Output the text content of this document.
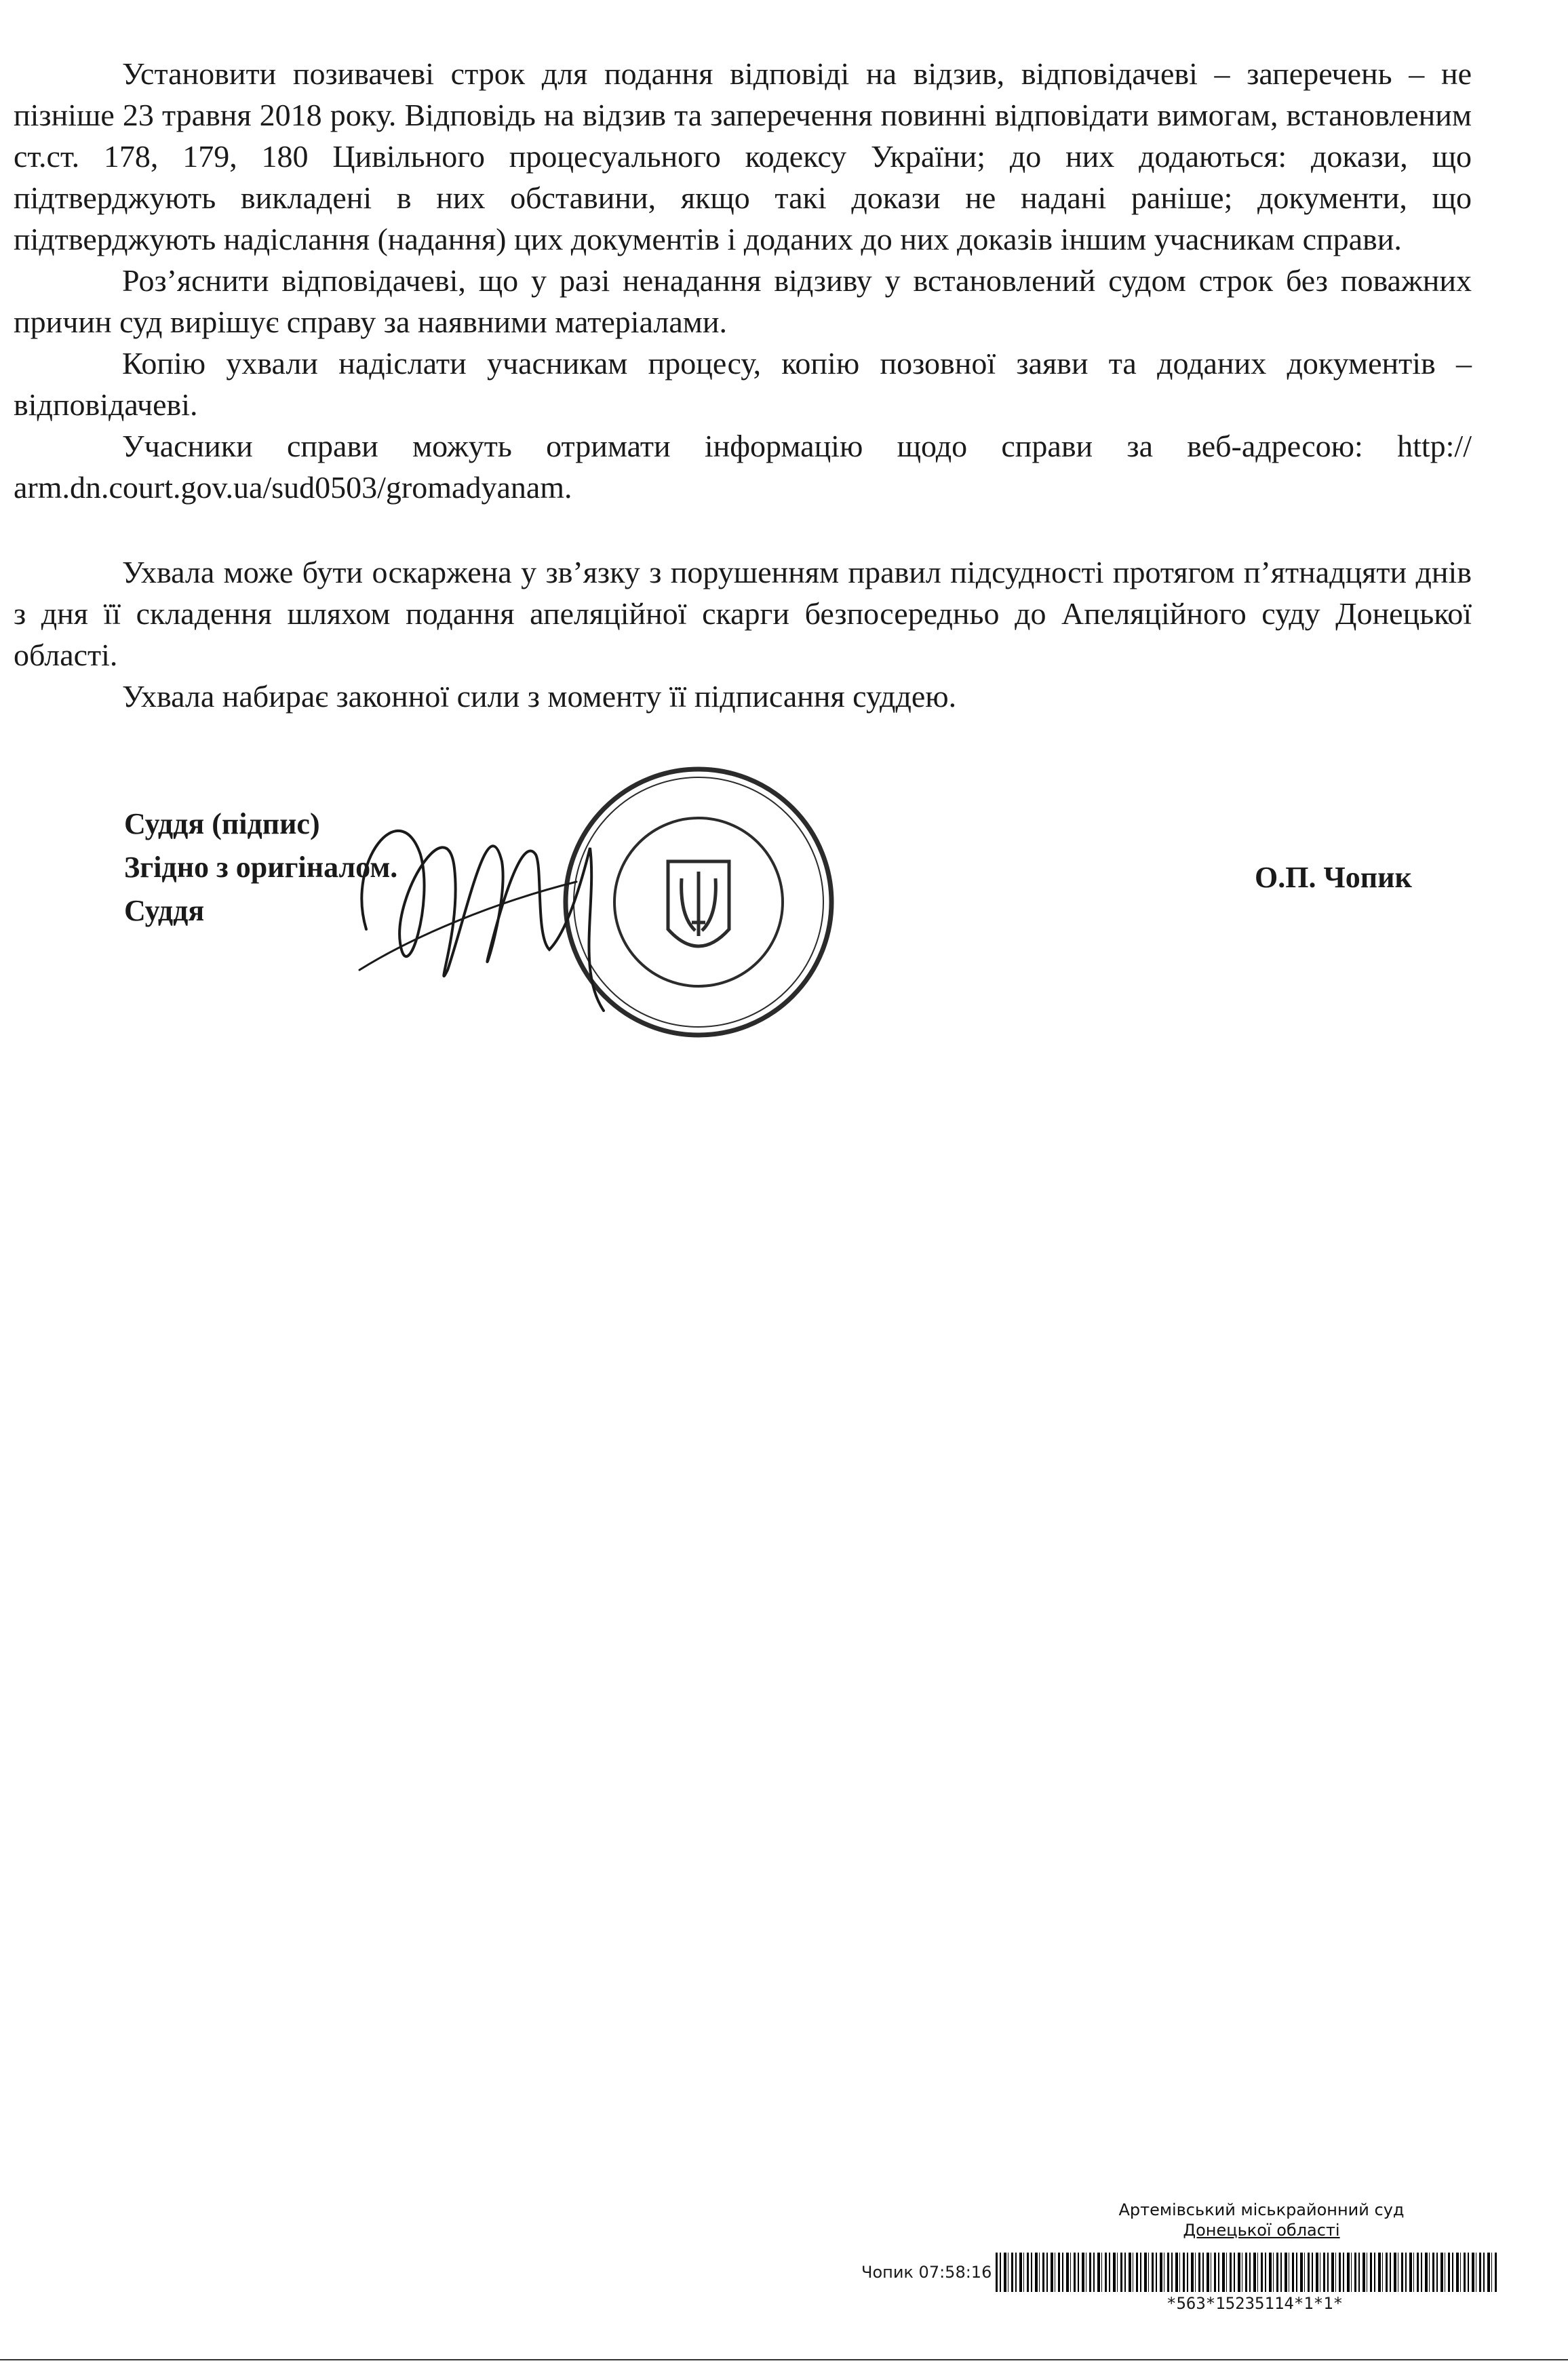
Установити позивачеві строк для подання відповіді на відзив, відповідачеві – заперечень – не пізніше 23 травня 2018 року. Відповідь на відзив та заперечення повинні відповідати вимогам, встановленим ст.ст. 178, 179, 180 Цивільного процесуального кодексу України; до них додаються: докази, що підтверджують викладені в них обставини, якщо такі докази не надані раніше; документи, що підтверджують надіслання (надання) цих документів і доданих до них доказів іншим учасникам справи.

Роз’яснити відповідачеві, що у разі ненадання відзиву у встановлений судом строк без поважних причин суд вирішує справу за наявними матеріалами.

Копію ухвали надіслати учасникам процесу, копію позовної заяви та доданих документів – відповідачеві.

Учасники справи можуть отримати інформацію щодо справи за веб-адресою: http:// arm.dn.court.gov.ua/sud0503/gromadyanam.

Ухвала може бути оскаржена у зв’язку з порушенням правил підсудності протягом п’ятнадцяти днів з дня її складення шляхом подання апеляційної скарги безпосередньо до Апеляційного суду Донецької області.

Ухвала набирає законної сили з моменту її підписання суддею.

Суддя (підпис)
Згідно з оригіналом.
Суддя
О.П. Чопик
Артемівський міськрайонний суд
Донецької області
Чопик 07:58:16
*563*15235114*1*1*
